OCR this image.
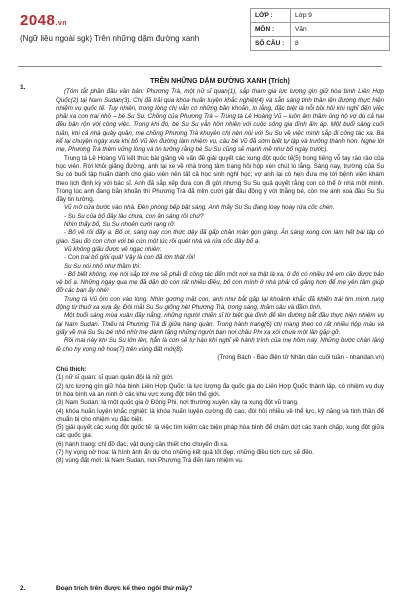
2048.vn
(Ngữ liệu ngoài sgk) Trên những dặm đường xanh
LỚP :	Lớp 9
MÔN :	Văn
SỐ CÂU :	8
1.
TRÊN NHỮNG DẶM ĐƯỜNG XANH (Trích)

(Tóm tắt phần đầu văn bản: Phương Trà, một nữ sĩ quan(1), sắp tham gia lực lượng gìn giữ hòa bình Liên Hợp Quốc(2) tại Nam Sudan(3). Chị đã trải qua khóa huấn luyện khắc nghiệt(4) và sẵn sàng tinh thần lên đường thực hiện nhiệm vụ quốc tế. Tuy nhiên, trong lòng chị vẫn có những băn khoăn, lo lắng, đặc biệt là nỗi bồi hồi khi nghĩ đến việc phải xa con trai nhỏ – bé Su Su. Chồng của Phương Trà – Trung tá Lê Hoàng Vũ – luôn âm thầm ủng hộ vợ dù cả hai đều bận rộn với công việc. Trong khi đó, bé Su Su vẫn hồn nhiên với cuộc sống gia đình ấm áp. Một buổi sáng cuối tuần, khi cả nhà quây quần, mẹ chồng Phương Trà khuyên chị nên nói với Su Su về việc mình sắp đi công tác xa. Bà kể lại chuyện ngày xưa khi bố Vũ lên đường làm nhiệm vụ, cậu bé Vũ đã sớm biết tự lập và trưởng thành hơn. Nghe lời mẹ, Phương Trà thêm vững lòng và tin tưởng rằng bé Su Su cũng sẽ mạnh mẽ như bố ngày trước).

Trung tá Lê Hoàng Vũ kết thúc bài giảng về vấn đề giải quyết các xung đột quốc tế(5) trong tiếng vỗ tay rào rào của học viên. Rời khỏi giảng đường, anh lại xe về nhà trong tâm trạng hồi hộp xen chút lo lắng. Sáng nay, trường của Su Su có buổi tập huấn dành cho giáo viên nên tất cả học sinh nghỉ học; vợ anh lại có hẹn đưa mẹ tới bệnh viện khám theo lịch định kỳ với bác sĩ. Anh đã sắp xếp đưa con đi gửi nhưng Su Su quả quyết rằng con có thể ở nhà một mình. Trong lúc anh đang băn khoăn thì Phương Trà đã mỉm cười gật đầu đồng ý với thằng bé, còn mẹ anh xoa đầu Su Su đầy tin tưởng.

Vũ mở cửa bước vào nhà. Đèn phòng bếp bật sáng. Anh thấy Su Su đang loay hoay rửa cốc chén.

- Su Su của bố đây lâu chưa, con ăn sáng rồi chứ?

Nhìn thấy bố, Su Su nhoẻn cười rạng rỡ:

- Bố về rồi đấy ạ. Bố ơi, sáng nay con thức dậy đã gấp chăn màn gọn gàng. Ăn sáng xong con làm hết bài tập có giao. Sau đó con chơi với bé cún một lúc rồi quét nhà và rửa cốc đây bố ạ.

Vũ không giấu được vẻ ngạc nhiên:

- Con trai bố giỏi quá! Vậy là con đã lớn thật rồi!

Su Su nói nhỏ như thầm thì:

- Bố biết không, mẹ nói sắp tới mẹ sẽ phải đi công tác đến một nơi xa thật là xa, ở đó có nhiều trẻ em cần được bảo vệ bố ạ. Những ngày qua mẹ đã dặn dò con rất nhiều điều, bố con mình ở nhà phải cố gắng hơn để mẹ yên tâm giúp đỡ các bạn ấy nhé!

Trung tá Vũ ôm con vào lòng. Nhìn gương mặt con, anh như bắt gặp lại khoảnh khắc đã khiến trái tim mình rung động từ thuở xa xưa ấy. Đôi mắt Su Su giống hệt Phương Trà, trong sáng, thăm sâu và đầm tình.

Một buổi sáng mùa xuân đầy nắng, những người chiến sĩ từ biệt gia đình để lên đường bắt đầu thực hiện nhiệm vụ tại Nam Sudan. Thiếu tá Phương Trà đi giữa hàng quân. Trong hành trang(6) chị mang theo có rất nhiều hộp màu và giấy vẽ mà Su Su bé nhỏ nhờ mẹ dành tặng những người bạn nơi châu Phi xa xôi chưa một lần gặp gỡ.

Rồi mai này khi Su Su lớn lên, hẳn là con sẽ tự hào khi nghĩ về hành trình của mẹ hôm nay. Những bước chân lặng lẽ cho hy vọng nở hoa(7) trên vùng đất mới(8).

(Trong Bách - Báo điện tử Nhân dân cuối tuần - nhandan.vn)

Chú thích:

(1) nữ sĩ quan: sĩ quan quân đội là nữ giới.

(2) lực lượng gìn giữ hòa bình Liên Hợp Quốc: là lực lượng đa quốc gia do Liên Hợp Quốc thành lập, có nhiệm vụ duy trì hòa bình và an ninh ở các khu vực xung đột trên thế giới.

(3) Nam Sudan: là một quốc gia ở Đông Phi, nơi thường xuyên xảy ra xung đột vũ trang.

(4) khóa huấn luyện khắc nghiệt: là khóa huấn luyện cường độ cao, đòi hỏi nhiều về thể lực, kỹ năng và tinh thần để chuẩn bị cho nhiệm vụ đặc biệt.

(5) giải quyết các xung đột quốc tế: là việc tìm kiếm các biện pháp hòa bình để chấm dứt các tranh chấp, xung đột giữa các quốc gia.

(6) hành trang: chỉ đồ đạc, vật dụng cần thiết cho chuyến đi xa.

(7) hy vọng nở hoa: là hình ảnh ẩn dụ cho những kết quả tốt đẹp, những điều tích cực sẽ đến.

(8) vùng đất mới: là Nam Sudan, nơi Phương Trà đến làm nhiệm vụ.

2.	Đoạn trích trên được kể theo ngôi thứ mấy?
